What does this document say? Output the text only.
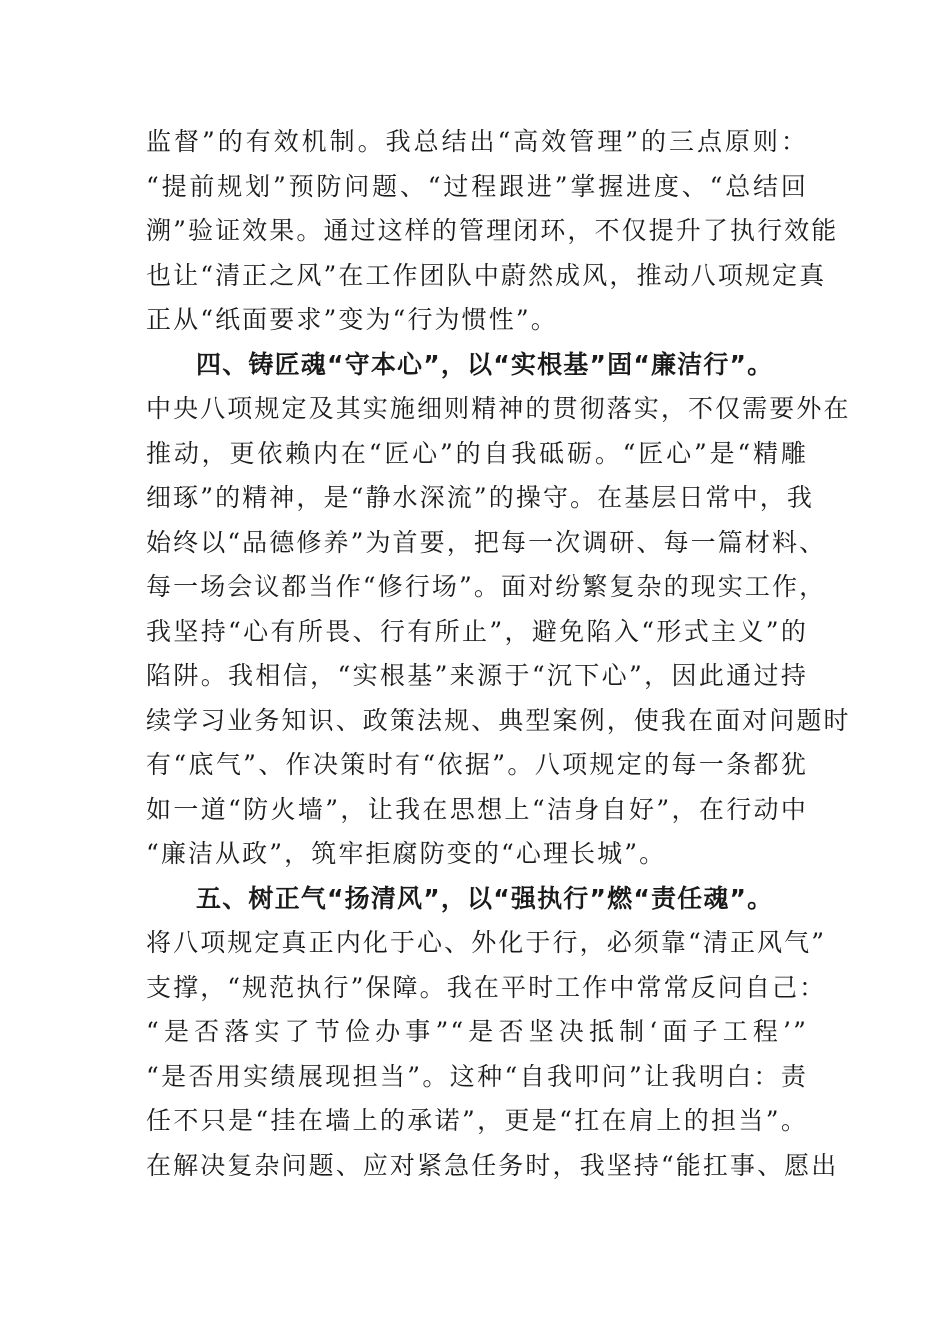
监督”的有效机制。我总结出“高效管理”的三点原则：
“提前规划”预防问题、“过程跟进”掌握进度、“总结回
溯”验证效果。通过这样的管理闭环，不仅提升了执行效能
也让“清正之风”在工作团队中蔚然成风，推动八项规定真
正从“纸面要求”变为“行为惯性”。
四、铸匠魂“守本心”，以“实根基”固“廉洁行”。
中央八项规定及其实施细则精神的贯彻落实，不仅需要外在
推动，更依赖内在“匠心”的自我砥砺。“匠心”是“精雕
细琢”的精神，是“静水深流”的操守。在基层日常中，我
始终以“品德修养”为首要，把每一次调研、每一篇材料、
每一场会议都当作“修行场”。面对纷繁复杂的现实工作，
我坚持“心有所畏、行有所止”，避免陷入“形式主义”的
陷阱。我相信，“实根基”来源于“沉下心”，因此通过持
续学习业务知识、政策法规、典型案例，使我在面对问题时
有“底气”、作决策时有“依据”。八项规定的每一条都犹
如一道“防火墙”，让我在思想上“洁身自好”，在行动中
“廉洁从政”，筑牢拒腐防变的“心理长城”。
五、树正气“扬清风”，以“强执行”燃“责任魂”。
将八项规定真正内化于心、外化于行，必须靠“清正风气”
支撑，“规范执行”保障。我在平时工作中常常反问自己：
“是否落实了节俭办事”“是否坚决抵制‘面子工程’”
“是否用实绩展现担当”。这种“自我叩问”让我明白：责
任不只是“挂在墙上的承诺”，更是“扛在肩上的担当”。
在解决复杂问题、应对紧急任务时，我坚持“能扛事、愿出
